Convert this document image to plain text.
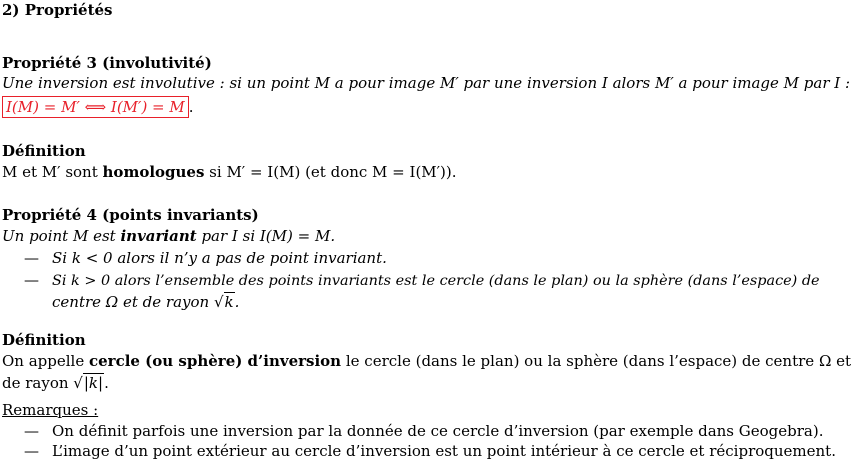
2) Propriétés
Propriété 3 (involutivité)
Une inversion est involutive : si un point M a pour image M′ par une inversion I alors M′ a pour image M par I :
I(M) = M′ ⟺ I(M′) = M .
Définition
M et M′ sont homologues si M′ = I(M) (et donc M = I(M′)).
Propriété 4 (points invariants)
Un point M est invariant par I si I(M) = M.
— Si k < 0 alors il n’y a pas de point invariant.
— Si k > 0 alors l’ensemble des points invariants est le cercle (dans le plan) ou la sphère (dans l’espace) de
centre Ω et de rayon √k.
Définition
On appelle cercle (ou sphère) d’inversion le cercle (dans le plan) ou la sphère (dans l’espace) de centre Ω et
de rayon √|k|.
Remarques :
— On définit parfois une inversion par la donnée de ce cercle d’inversion (par exemple dans Geogebra).
— L’image d’un point extérieur au cercle d’inversion est un point intérieur à ce cercle et réciproquement.
